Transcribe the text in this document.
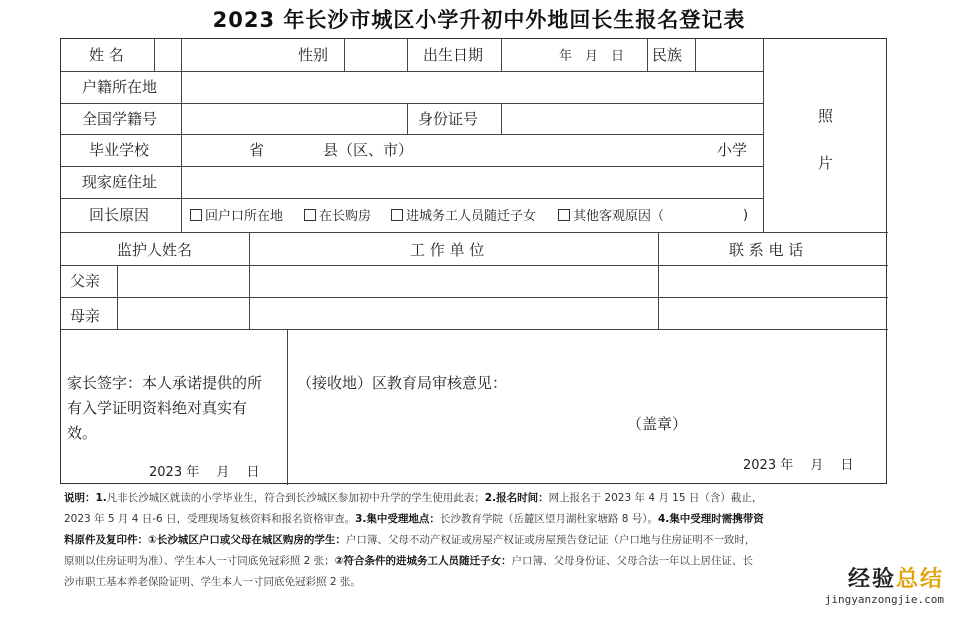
2023 年长沙市城区小学升初中外地回长生报名登记表
姓 名	性别	出生日期	年　月　日 民族
照
片
户籍所在地
全国学籍号	身份证号
毕业学校	省	县（区、市）	小学
现家庭住址
回长原因	回户口所在地	在长购房	进城务工人员随迁子女	其他客观原因（	)
监护人姓名	工 作 单 位	联 系 电 话
父亲
母亲
家长签字：本人承诺提供的所
有入学证明资料绝对真实有
效。
2023 年　 月　 日
（接收地）区教育局审核意见：
（盖章）
2023 年　 月　 日
说明：1.凡非长沙城区就读的小学毕业生，符合到长沙城区参加初中升学的学生使用此表；2.报名时间：网上报名于 2023 年 4 月 15 日（含）截止，
2023 年 5 月 4 日-6 日，受理现场复核资料和报名资格审查。3.集中受理地点：长沙教育学院（岳麓区望月湖杜家塘路 8 号）。4.集中受理时需携带资
料原件及复印件：①长沙城区户口或父母在城区购房的学生：户口簿、父母不动产权证或房屋产权证或房屋预告登记证（户口地与住房证明不一致时，
原则以住房证明为准）、学生本人一寸同底免冠彩照 2 张；②符合条件的进城务工人员随迁子女：户口簿、父母身份证、父母合法一年以上居住证、长
沙市职工基本养老保险证明、学生本人一寸同底免冠彩照 2 张。	经验总结
jingyanzongjie.com
